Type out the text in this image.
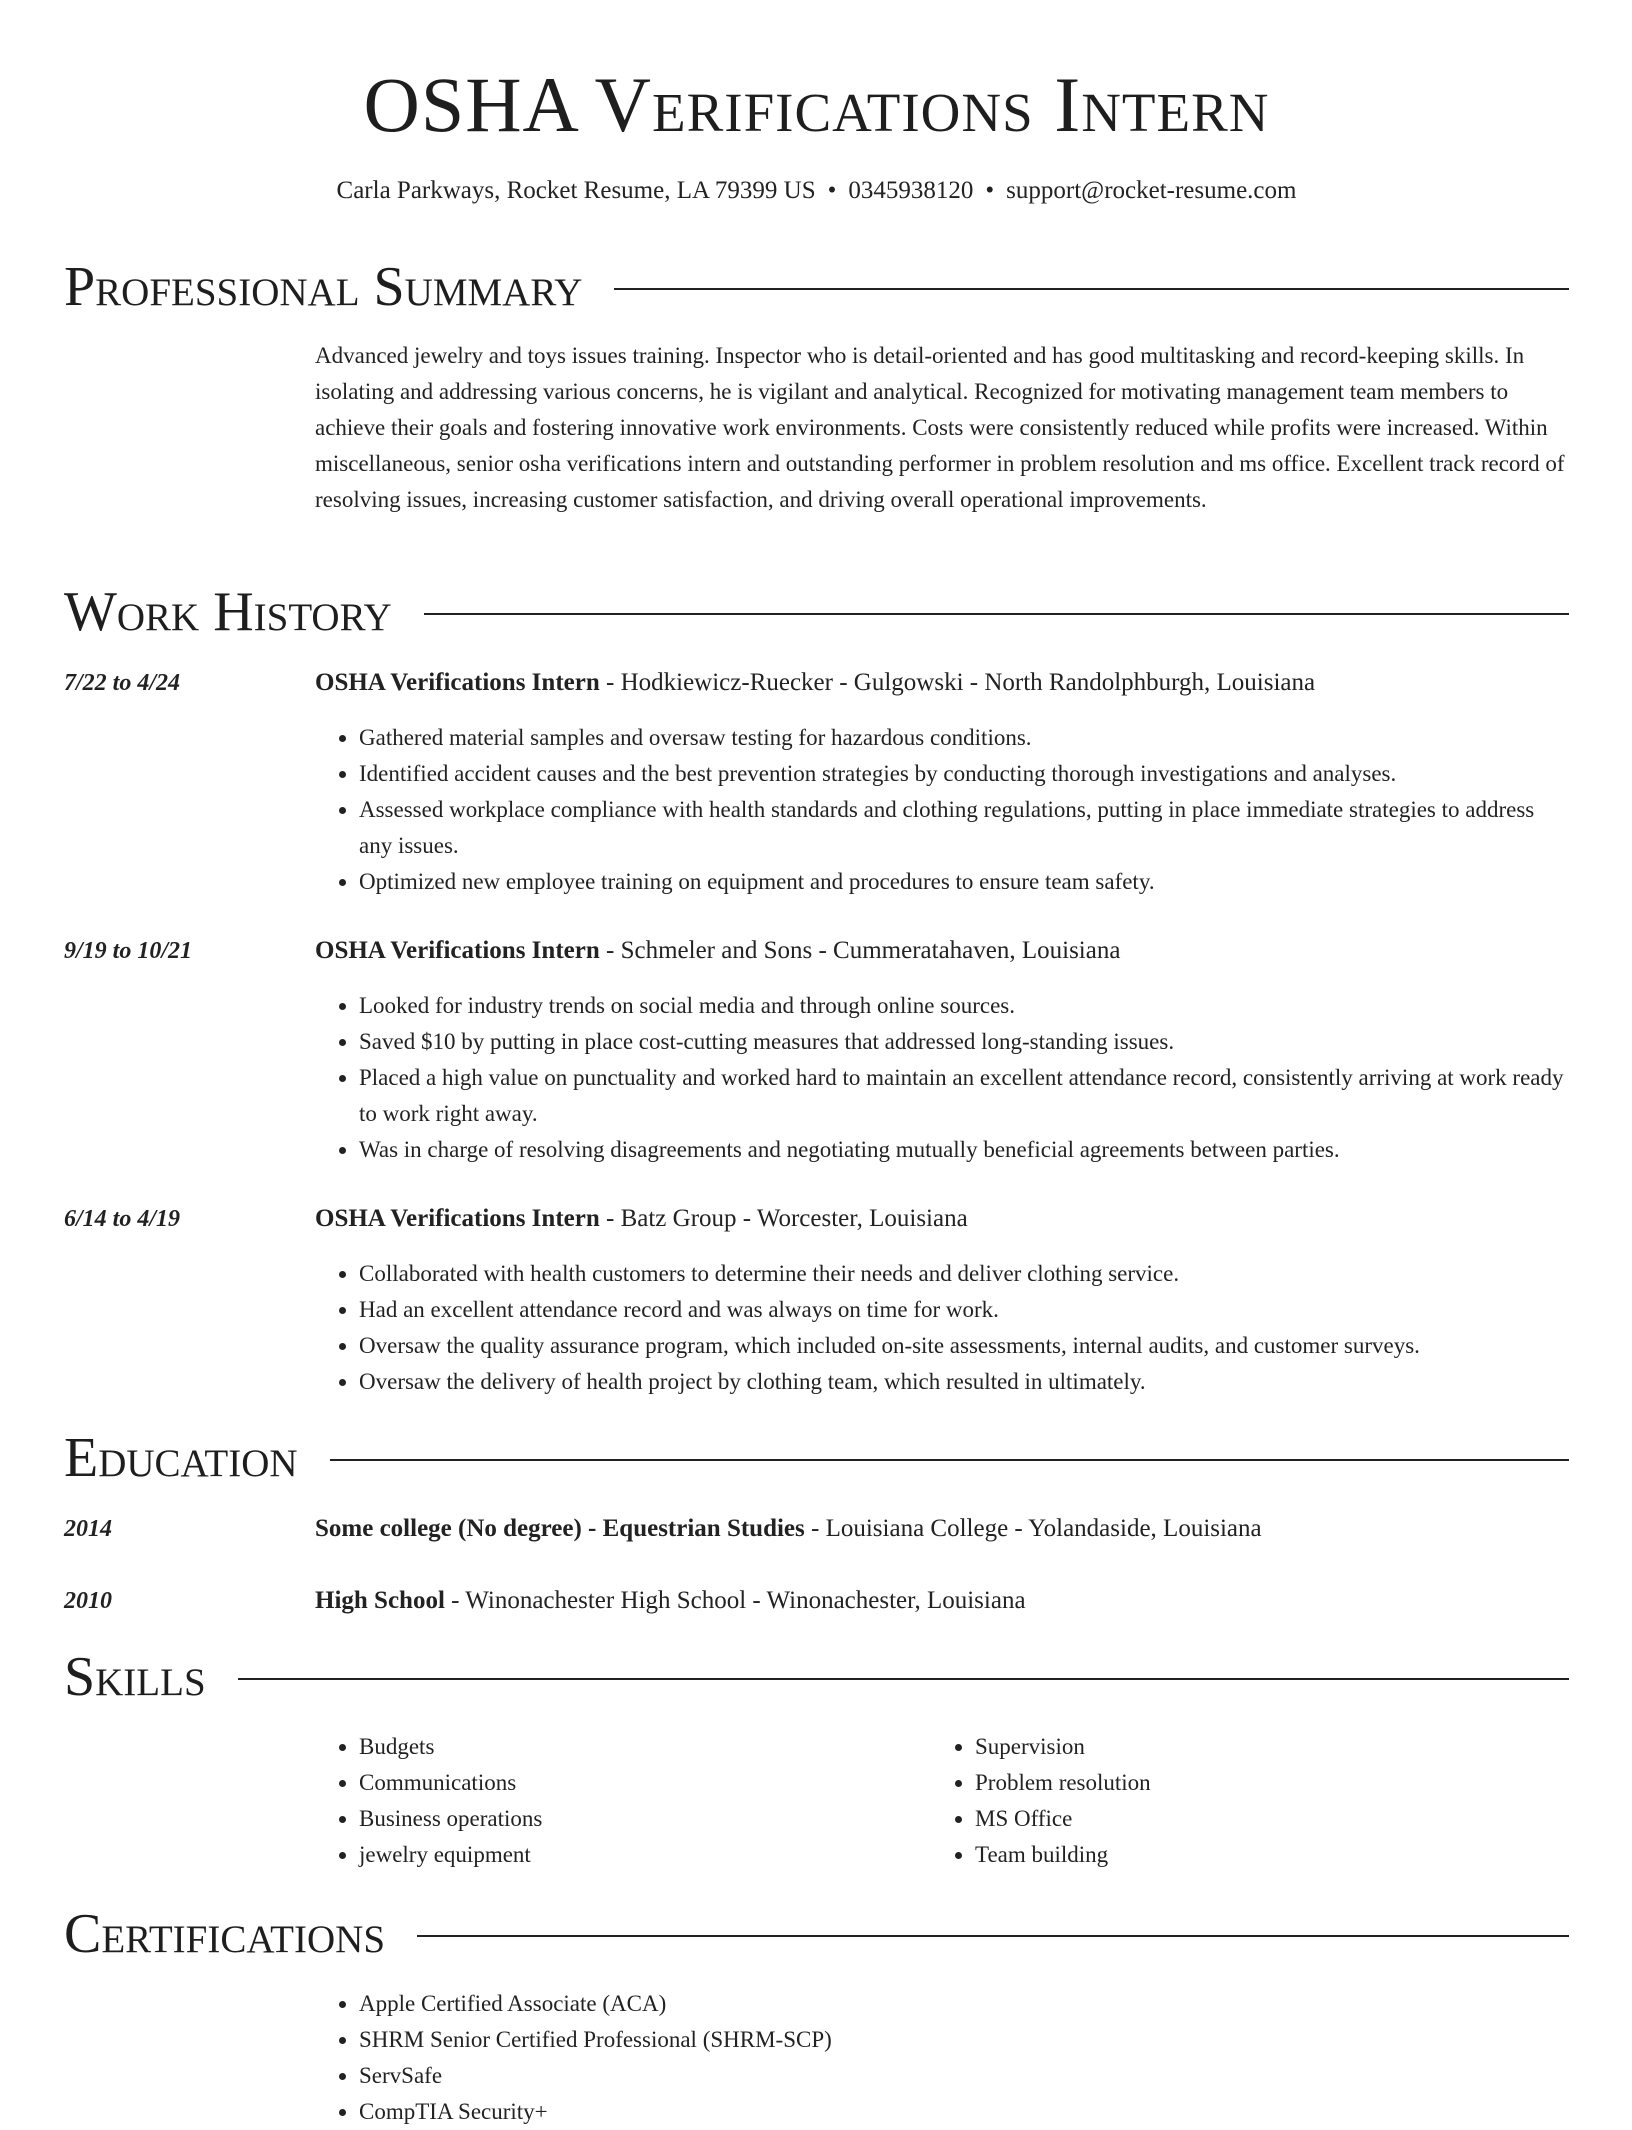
OSHA Verifications Intern
Carla Parkways, Rocket Resume, LA 79399 US • 0345938120 • support@rocket-resume.com
Professional Summary
Advanced jewelry and toys issues training. Inspector who is detail-oriented and has good multitasking and record-keeping skills. In isolating and addressing various concerns, he is vigilant and analytical. Recognized for motivating management team members to achieve their goals and fostering innovative work environments. Costs were consistently reduced while profits were increased. Within miscellaneous, senior osha verifications intern and outstanding performer in problem resolution and ms office. Excellent track record of resolving issues, increasing customer satisfaction, and driving overall operational improvements.
Work History
7/22 to 4/24	OSHA Verifications Intern - Hodkiewicz-Ruecker - Gulgowski - North Randolphburgh, Louisiana
• Gathered material samples and oversaw testing for hazardous conditions.
• Identified accident causes and the best prevention strategies by conducting thorough investigations and analyses.
• Assessed workplace compliance with health standards and clothing regulations, putting in place immediate strategies to address any issues.
• Optimized new employee training on equipment and procedures to ensure team safety.
9/19 to 10/21	OSHA Verifications Intern - Schmeler and Sons - Cummeratahaven, Louisiana
• Looked for industry trends on social media and through online sources.
• Saved $10 by putting in place cost-cutting measures that addressed long-standing issues.
• Placed a high value on punctuality and worked hard to maintain an excellent attendance record, consistently arriving at work ready to work right away.
• Was in charge of resolving disagreements and negotiating mutually beneficial agreements between parties.
6/14 to 4/19	OSHA Verifications Intern - Batz Group - Worcester, Louisiana
• Collaborated with health customers to determine their needs and deliver clothing service.
• Had an excellent attendance record and was always on time for work.
• Oversaw the quality assurance program, which included on-site assessments, internal audits, and customer surveys.
• Oversaw the delivery of health project by clothing team, which resulted in ultimately.
Education
2014	Some college (No degree) - Equestrian Studies - Louisiana College - Yolandaside, Louisiana
2010	High School - Winonachester High School - Winonachester, Louisiana
Skills
• Budgets
• Communications
• Business operations
• jewelry equipment
• Supervision
• Problem resolution
• MS Office
• Team building
Certifications
• Apple Certified Associate (ACA)
• SHRM Senior Certified Professional (SHRM-SCP)
• ServSafe
• CompTIA Security+
